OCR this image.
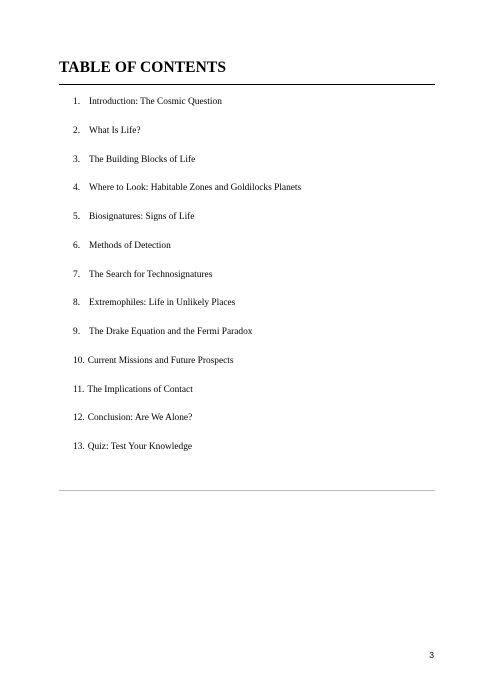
TABLE OF CONTENTS
1. Introduction: The Cosmic Question
2. What Is Life?
3. The Building Blocks of Life
4. Where to Look: Habitable Zones and Goldilocks Planets
5. Biosignatures: Signs of Life
6. Methods of Detection
7. The Search for Technosignatures
8. Extremophiles: Life in Unlikely Places
9. The Drake Equation and the Fermi Paradox
10. Current Missions and Future Prospects
11. The Implications of Contact
12. Conclusion: Are We Alone?
13. Quiz: Test Your Knowledge
3
